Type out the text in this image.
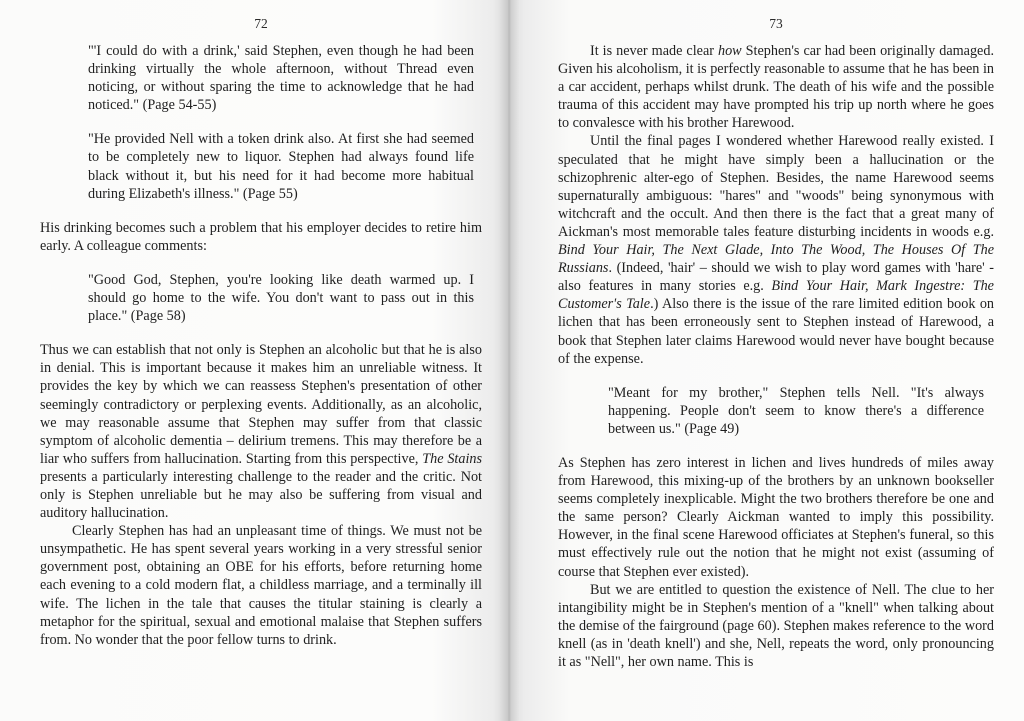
72

"'I could do with a drink,' said Stephen, even though he had been drinking virtually the whole afternoon, without Thread even noticing, or without sparing the time to acknowledge that he had noticed." (Page 54-55)

"He provided Nell with a token drink also. At first she had seemed to be completely new to liquor. Stephen had always found life black without it, but his need for it had become more habitual during Elizabeth's illness." (Page 55)

His drinking becomes such a problem that his employer decides to retire him early. A colleague comments:

"Good God, Stephen, you're looking like death warmed up. I should go home to the wife. You don't want to pass out in this place." (Page 58)

Thus we can establish that not only is Stephen an alcoholic but that he is also in denial. This is important because it makes him an unreliable witness. It provides the key by which we can reassess Stephen's presentation of other seemingly contradictory or perplexing events. Additionally, as an alcoholic, we may reasonable assume that Stephen may suffer from that classic symptom of alcoholic dementia – delirium tremens. This may therefore be a liar who suffers from hallucination. Starting from this perspective, The Stains presents a particularly interesting challenge to the reader and the critic. Not only is Stephen unreliable but he may also be suffering from visual and auditory hallucination.

Clearly Stephen has had an unpleasant time of things. We must not be unsympathetic. He has spent several years working in a very stressful senior government post, obtaining an OBE for his efforts, before returning home each evening to a cold modern flat, a childless marriage, and a terminally ill wife. The lichen in the tale that causes the titular staining is clearly a metaphor for the spiritual, sexual and emotional malaise that Stephen suffers from. No wonder that the poor fellow turns to drink.

73

It is never made clear how Stephen's car had been originally damaged. Given his alcoholism, it is perfectly reasonable to assume that he has been in a car accident, perhaps whilst drunk. The death of his wife and the possible trauma of this accident may have prompted his trip up north where he goes to convalesce with his brother Harewood.

Until the final pages I wondered whether Harewood really existed. I speculated that he might have simply been a hallucination or the schizophrenic alter-ego of Stephen. Besides, the name Harewood seems supernaturally ambiguous: "hares" and "woods" being synonymous with witchcraft and the occult. And then there is the fact that a great many of Aickman's most memorable tales feature disturbing incidents in woods e.g. Bind Your Hair, The Next Glade, Into The Wood, The Houses Of The Russians. (Indeed, 'hair' – should we wish to play word games with 'hare' - also features in many stories e.g. Bind Your Hair, Mark Ingestre: The Customer's Tale.) Also there is the issue of the rare limited edition book on lichen that has been erroneously sent to Stephen instead of Harewood, a book that Stephen later claims Harewood would never have bought because of the expense.

"Meant for my brother," Stephen tells Nell. "It's always happening. People don't seem to know there's a difference between us." (Page 49)

As Stephen has zero interest in lichen and lives hundreds of miles away from Harewood, this mixing-up of the brothers by an unknown bookseller seems completely inexplicable. Might the two brothers therefore be one and the same person? Clearly Aickman wanted to imply this possibility. However, in the final scene Harewood officiates at Stephen's funeral, so this must effectively rule out the notion that he might not exist (assuming of course that Stephen ever existed).

But we are entitled to question the existence of Nell. The clue to her intangibility might be in Stephen's mention of a "knell" when talking about the demise of the fairground (page 60). Stephen makes reference to the word knell (as in 'death knell') and she, Nell, repeats the word, only pronouncing it as "Nell", her own name. This is
